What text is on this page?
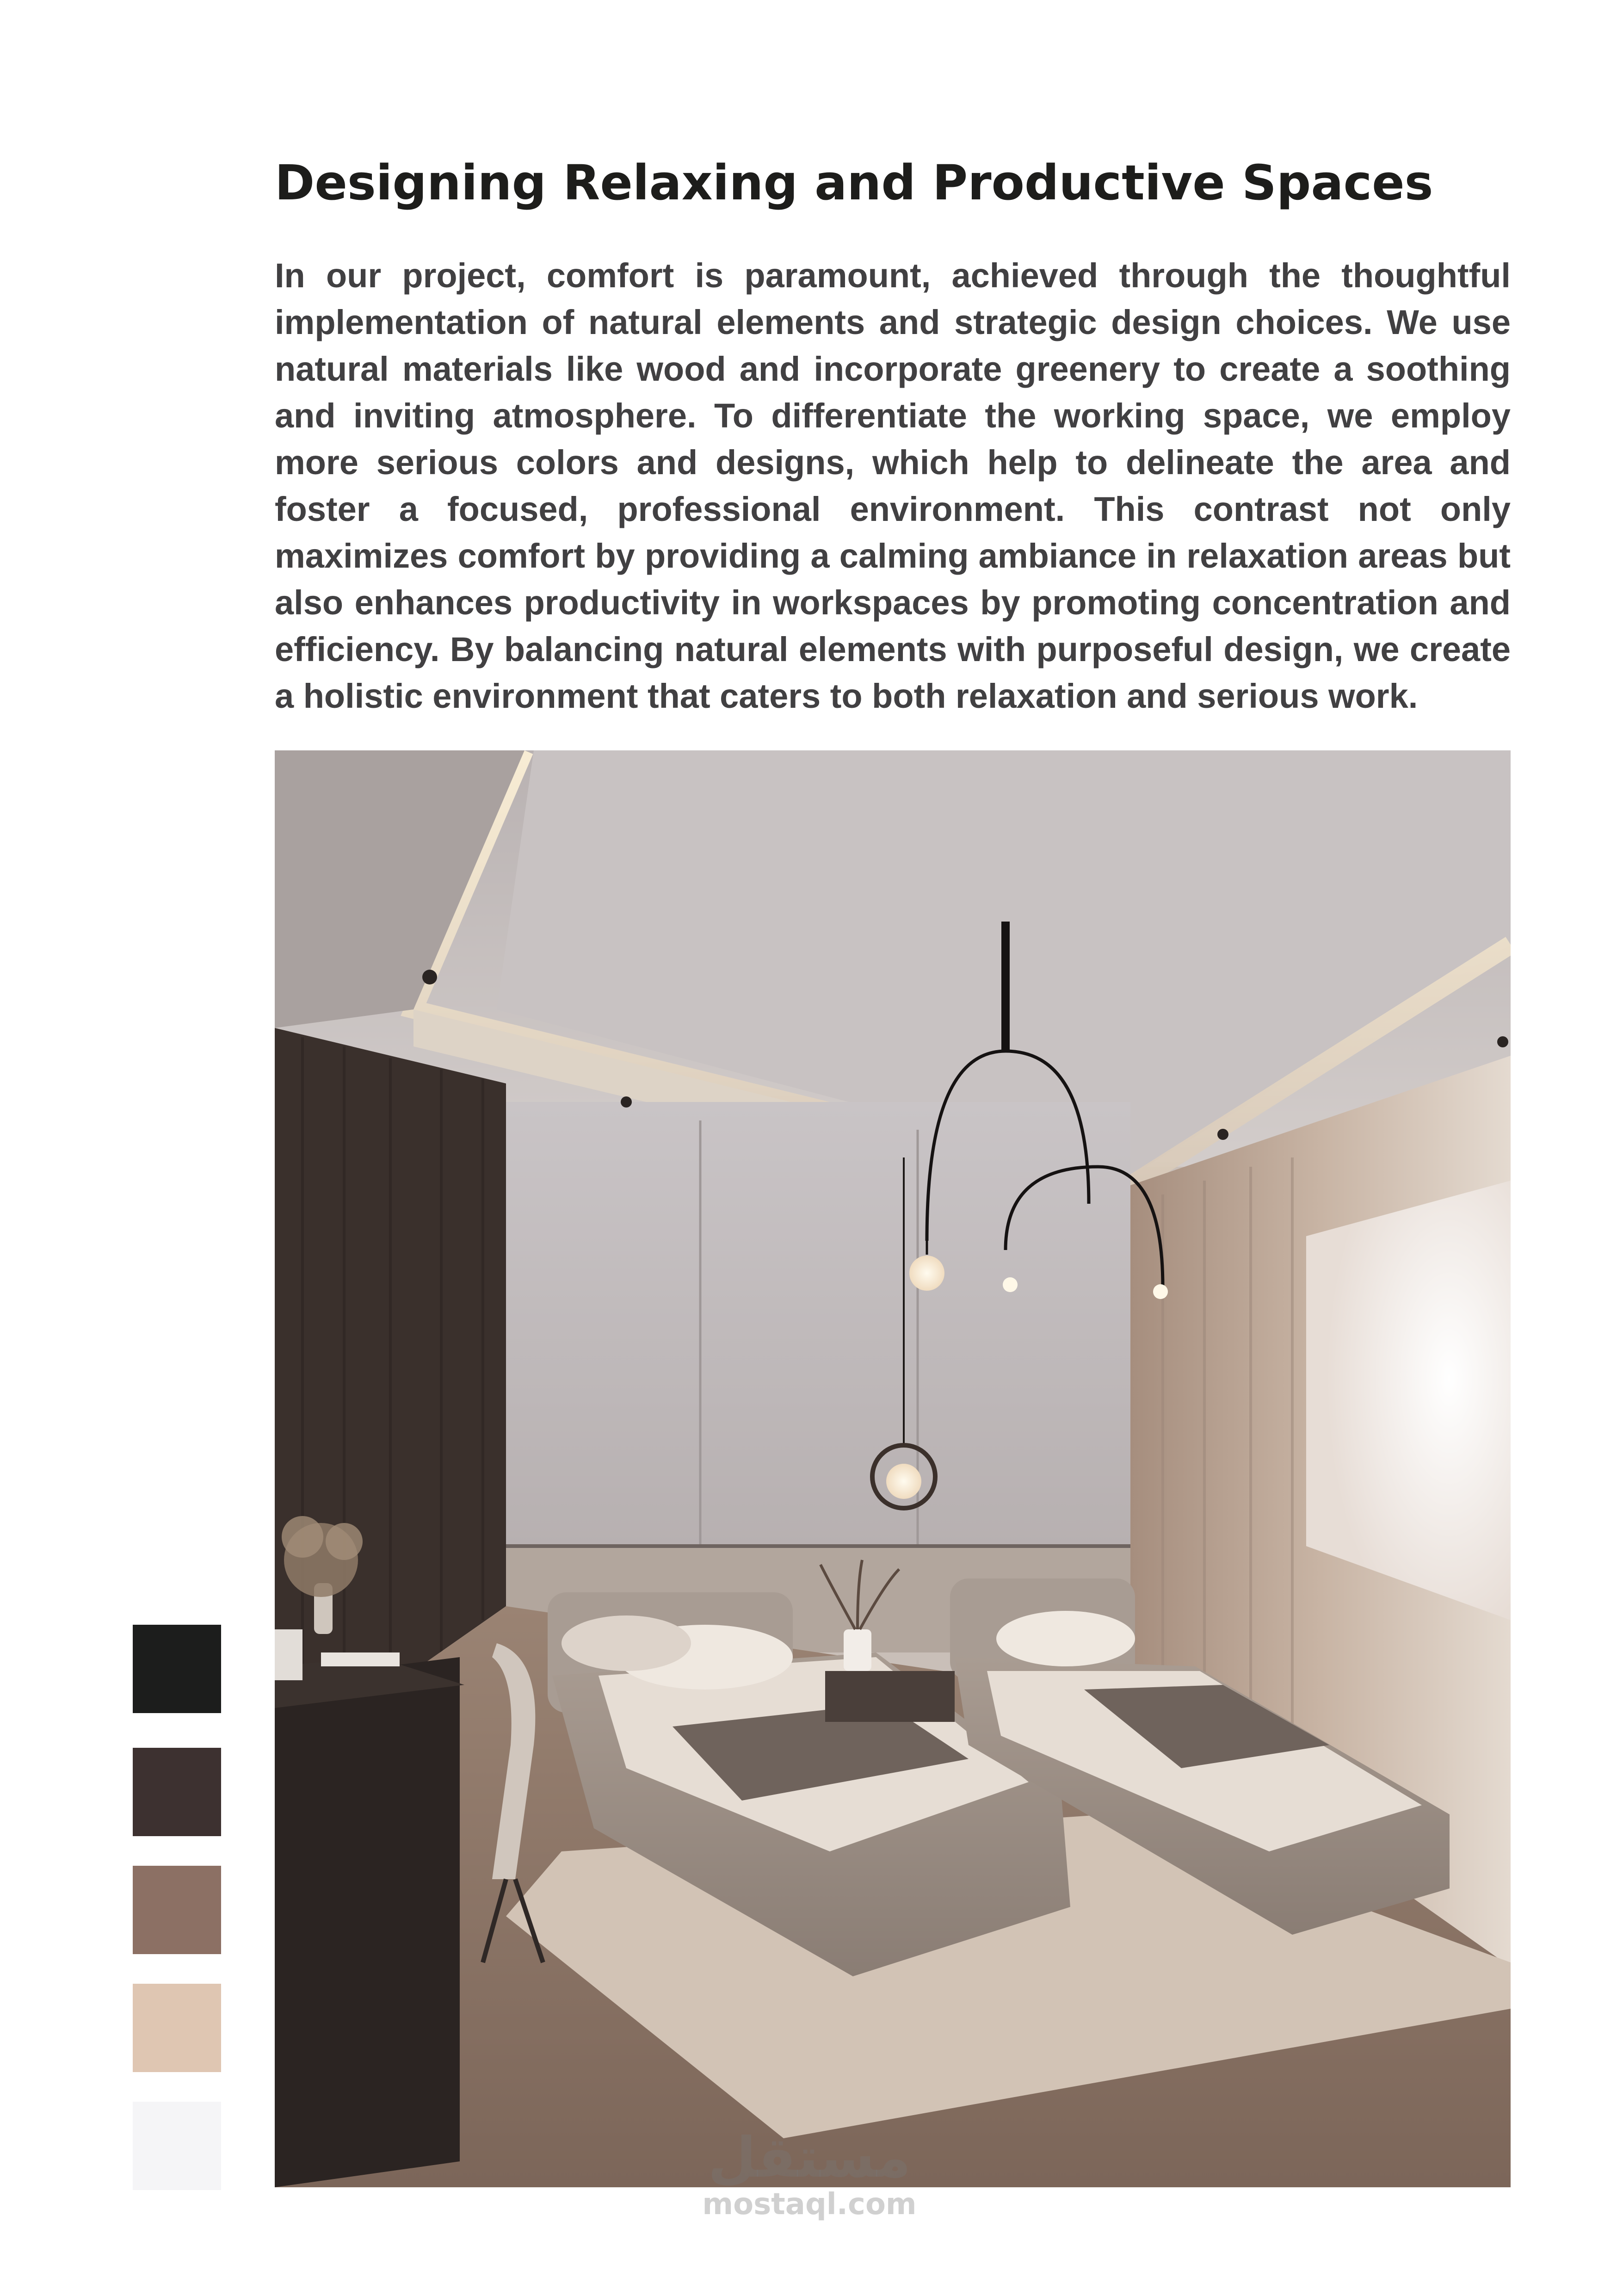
Designing Relaxing and Productive Spaces

In our project, comfort is paramount, achieved through the thoughtful implementation of natural elements and strategic design choices. We use natural materials like wood and incorporate greenery to create a soothing and inviting atmosphere. To differentiate the working space, we employ more serious colors and designs, which help to delineate the area and foster a focused, professional environment. This contrast not only maximizes comfort by providing a calming ambiance in relaxation areas but also enhances productivity in workspaces by promoting concentration and efficiency. By balancing natural elements with purposeful design, we create a holistic environment that caters to both relaxation and serious work.

مستقل
mostaql.com
